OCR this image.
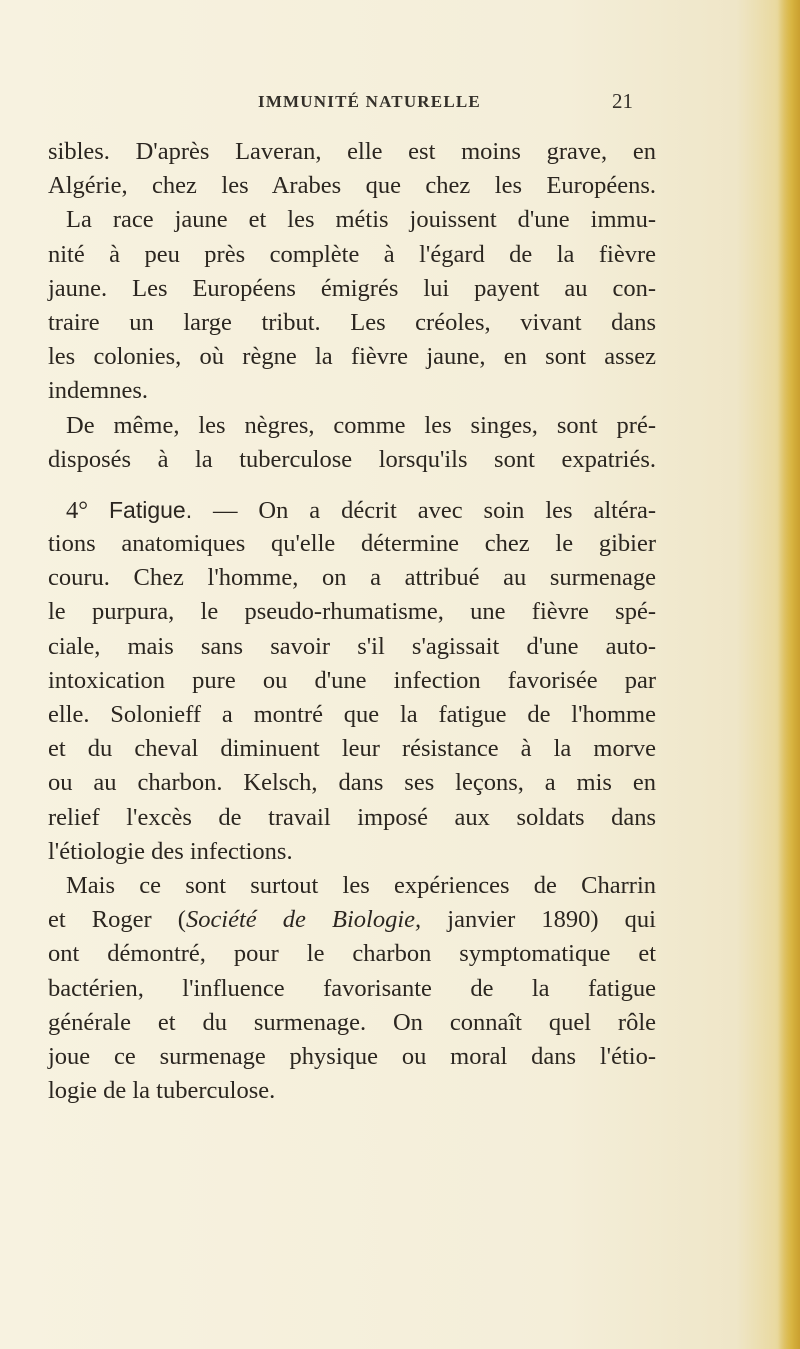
IMMUNITÉ NATURELLE	21
sibles. D'après Laveran, elle est moins grave, en
Algérie, chez les Arabes que chez les Européens.
La race jaune et les métis jouissent d'une immu-
nité à peu près complète à l'égard de la fièvre
jaune. Les Européens émigrés lui payent au con-
traire un large tribut. Les créoles, vivant dans
les colonies, où règne la fièvre jaune, en sont assez
indemnes.
De même, les nègres, comme les singes, sont pré-
disposés à la tuberculose lorsqu'ils sont expatriés.
4° Fatigue. — On a décrit avec soin les altéra-
tions anatomiques qu'elle détermine chez le gibier
couru. Chez l'homme, on a attribué au surmenage
le purpura, le pseudo-rhumatisme, une fièvre spé-
ciale, mais sans savoir s'il s'agissait d'une auto-
intoxication pure ou d'une infection favorisée par
elle. Solonieff a montré que la fatigue de l'homme
et du cheval diminuent leur résistance à la morve
ou au charbon. Kelsch, dans ses leçons, a mis en
relief l'excès de travail imposé aux soldats dans
l'étiologie des infections.
Mais ce sont surtout les expériences de Charrin
et Roger (Société de Biologie, janvier 1890) qui
ont démontré, pour le charbon symptomatique et
bactérien, l'influence favorisante de la fatigue
générale et du surmenage. On connaît quel rôle
joue ce surmenage physique ou moral dans l'étio-
logie de la tuberculose.
